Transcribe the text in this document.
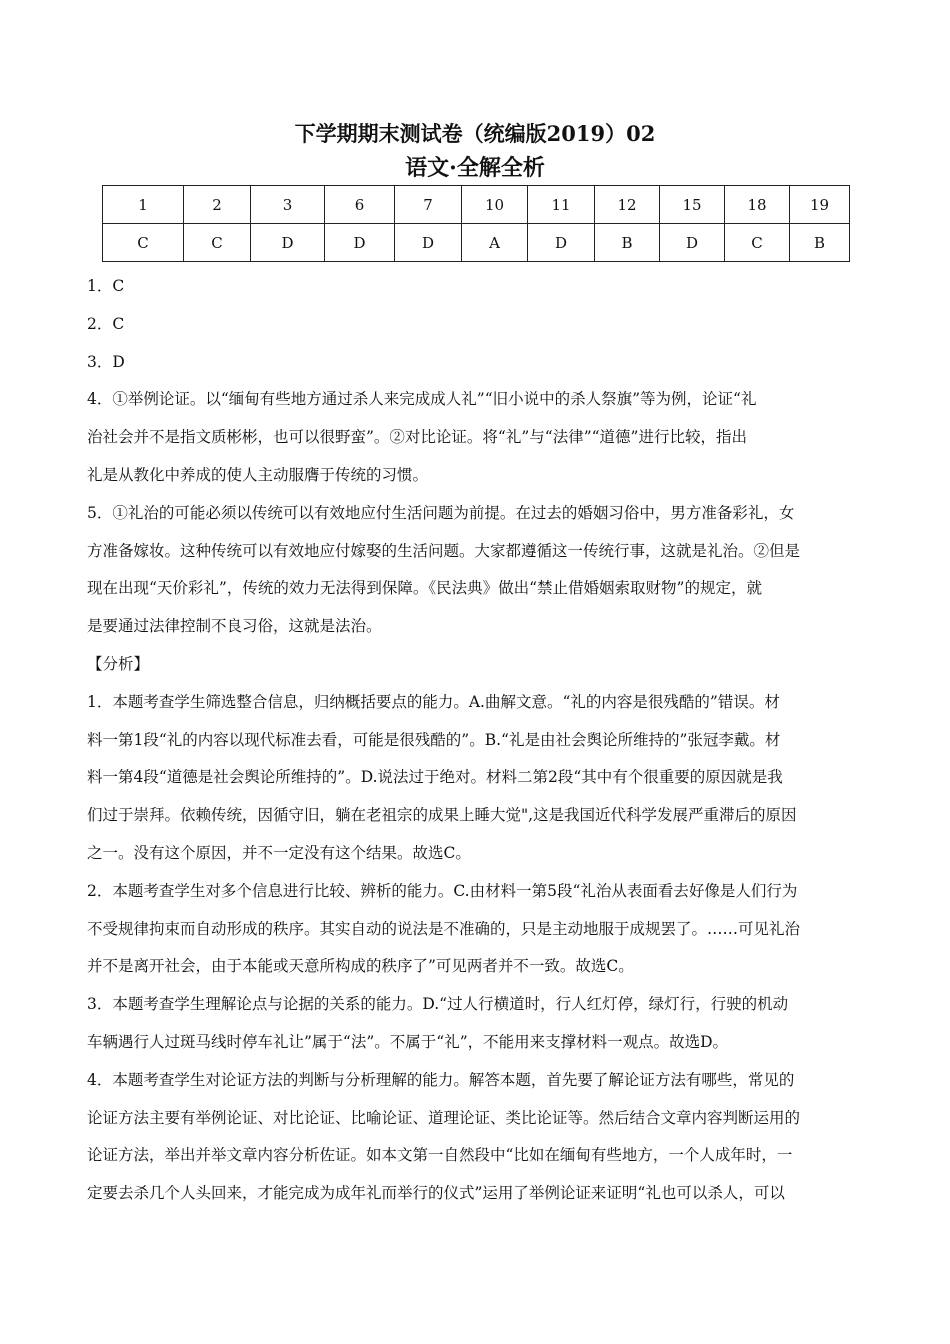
下学期期末测试卷（统编版2019）02
语文·全解全析
1	2	3	6	7	10	11	12	15	18	19
C	C	D	D	D	A	D	B	D	C	B

1．C

2．C

3．D

4．①举例论证。以“缅甸有些地方通过杀人来完成成人礼”“旧小说中的杀人祭旗”等为例，论证“礼

治社会并不是指文质彬彬，也可以很野蛮”。②对比论证。将“礼”与“法律”“道德”进行比较，指出

礼是从教化中养成的使人主动服膺于传统的习惯。

5．①礼治的可能必须以传统可以有效地应付生活问题为前提。在过去的婚姻习俗中，男方准备彩礼，女

方准备嫁妆。这种传统可以有效地应付嫁娶的生活问题。大家都遵循这一传统行事，这就是礼治。②但是

现在出现“天价彩礼”，传统的效力无法得到保障。《民法典》做出“禁止借婚姻索取财物”的规定，就

是要通过法律控制不良习俗，这就是法治。

【分析】

1．本题考查学生筛选整合信息，归纳概括要点的能力。A.曲解文意。“礼的内容是很残酷的”错误。材

料一第1段“礼的内容以现代标准去看，可能是很残酷的”。B.“礼是由社会舆论所维持的”张冠李戴。材

料一第4段“道德是社会舆论所维持的”。D.说法过于绝对。材料二第2段“其中有个很重要的原因就是我

们过于崇拜。依赖传统，因循守旧，躺在老祖宗的成果上睡大觉",这是我国近代科学发展严重滞后的原因

之一。没有这个原因，并不一定没有这个结果。故选C。

2．本题考查学生对多个信息进行比较、辨析的能力。C.由材料一第5段“礼治从表面看去好像是人们行为

不受规律拘束而自动形成的秩序。其实自动的说法是不准确的，只是主动地服于成规罢了。……可见礼治

并不是离开社会，由于本能或天意所构成的秩序了”可见两者并不一致。故选C。

3．本题考查学生理解论点与论据的关系的能力。D.“过人行横道时，行人红灯停，绿灯行，行驶的机动

车辆遇行人过斑马线时停车礼让”属于“法”。不属于“礼”，不能用来支撑材料一观点。故选D。

4．本题考查学生对论证方法的判断与分析理解的能力。解答本题，首先要了解论证方法有哪些，常见的

论证方法主要有举例论证、对比论证、比喻论证、道理论证、类比论证等。然后结合文章内容判断运用的

论证方法，举出并举文章内容分析佐证。如本文第一自然段中“比如在缅甸有些地方，一个人成年时，一

定要去杀几个人头回来，才能完成为成年礼而举行的仪式”运用了举例论证来证明“礼也可以杀人，可以
